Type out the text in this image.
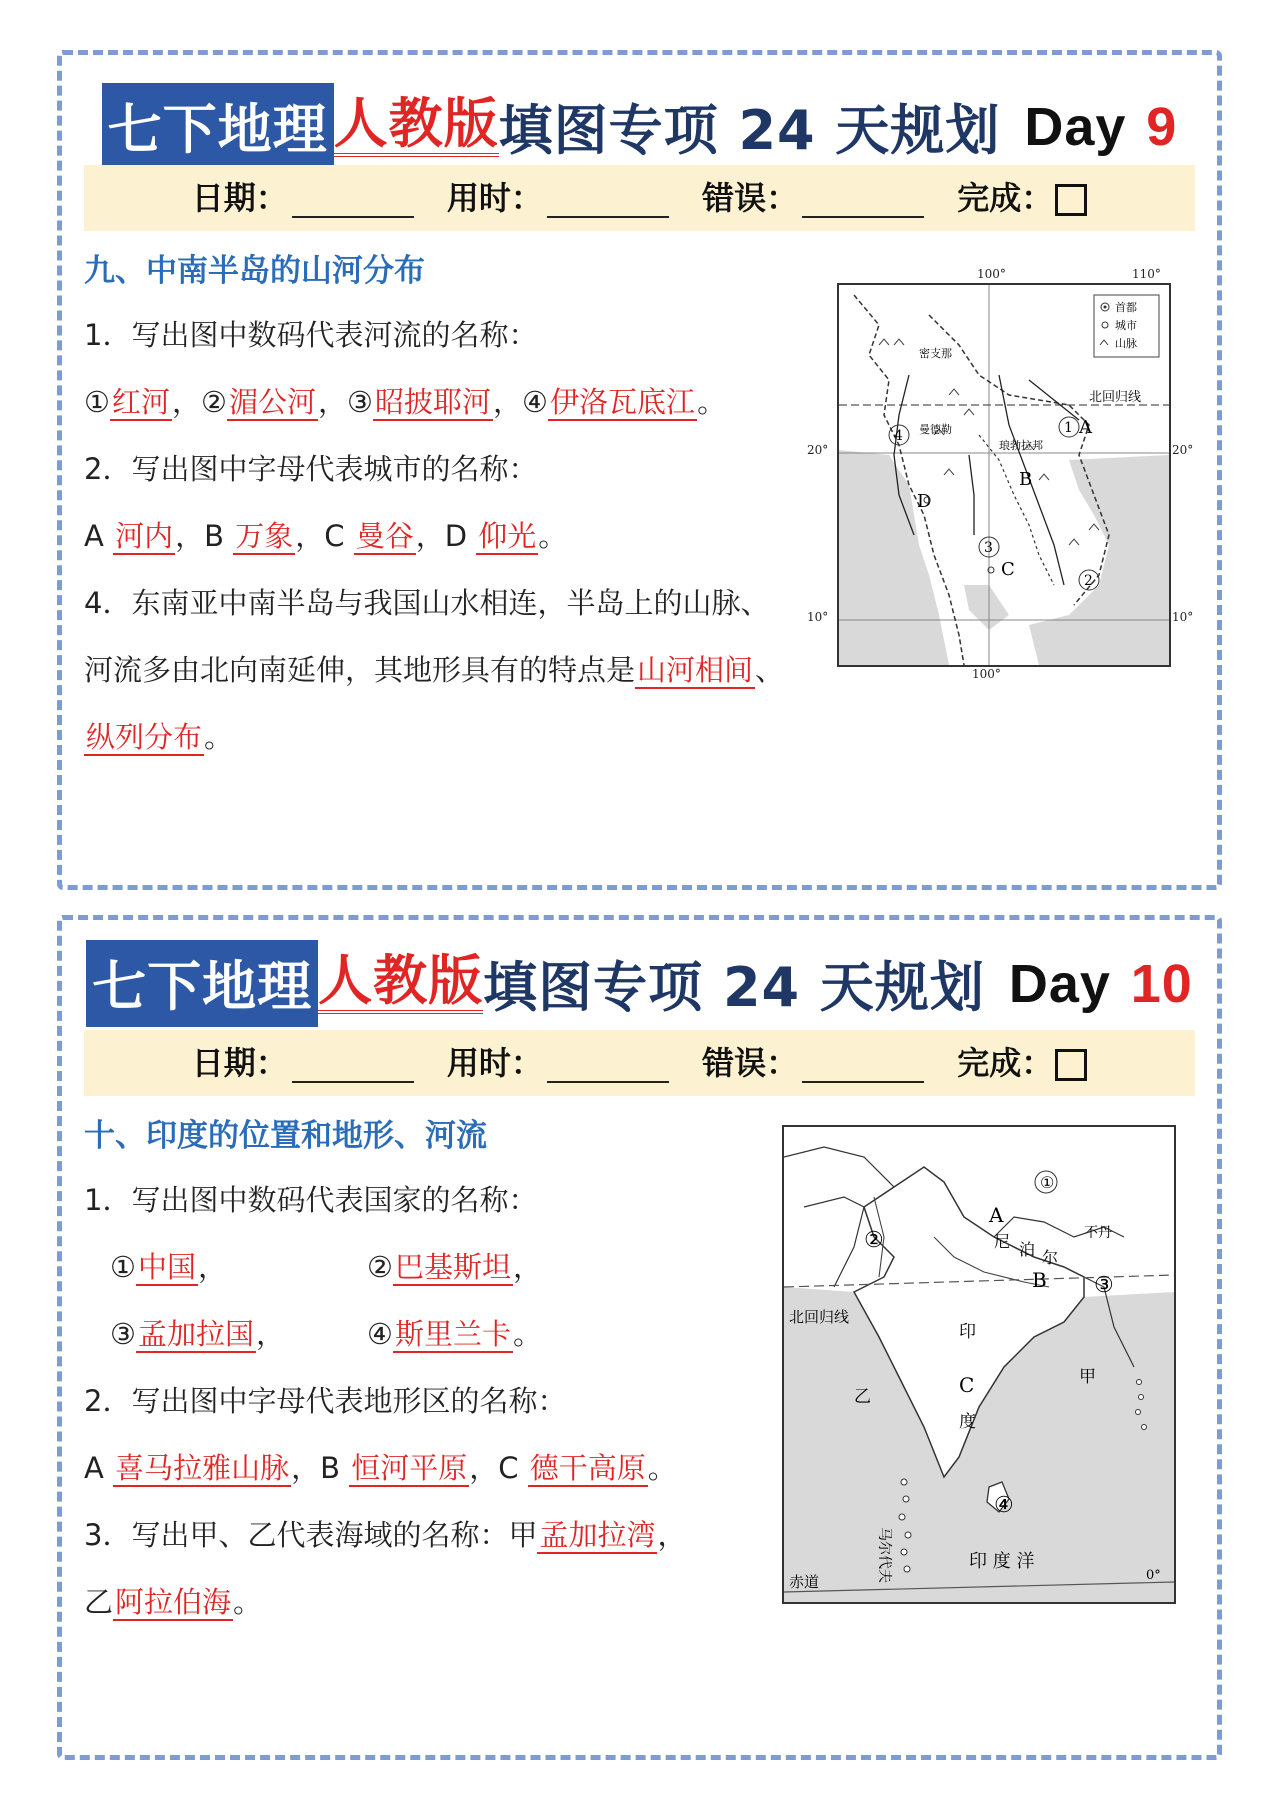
七下地理 人教版填图专项 24 天规划 Day 9
日期：	用时：	错误：	完成：
九、中南半岛的山河分布
1．写出图中数码代表河流的名称：
①红河，②湄公河，③昭披耶河，④伊洛瓦底江。
2．写出图中字母代表城市的名称：
A 河内，B 万象，C 曼谷，D 仰光。
4．东南亚中南半岛与我国山水相连，半岛上的山脉、
河流多由北向南延伸，其地形具有的特点是山河相间、
纵列分布。
首都
城市
山脉
北回归线
密支那
曼德勒
琅勃拉邦
1
2
3
4	A
B
C
D
100°	110°
100°
20°	20°
10°	10°
七下地理 人教版填图专项 24 天规划 Day 10
日期：	用时：	错误：	完成：
十、印度的位置和地形、河流
1．写出图中数码代表国家的名称：
①中国，	②巴基斯坦，
③孟加拉国，	④斯里兰卡。
2．写出图中字母代表地形区的名称：
A 喜马拉雅山脉，B 恒河平原，C 德干高原。
3．写出甲、乙代表海域的名称：甲孟加拉湾，
乙阿拉伯海。
①
②
③
④
A
B
C
尼 泊 尔
不丹
北回归线
印
度
甲
乙
马尔代夫	印 度 洋
赤道	0°
